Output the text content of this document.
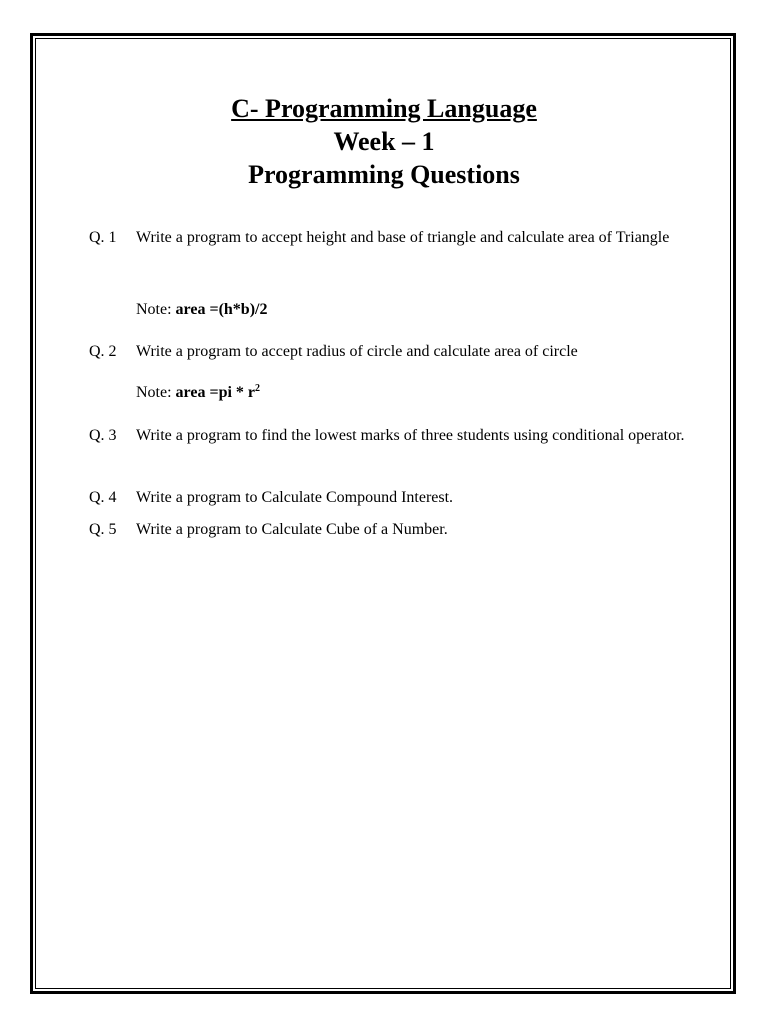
C- Programming Language
Week – 1
Programming Questions
Q. 1 Write a program to accept height and base of triangle and calculate area of Triangle
Note: area =(h*b)/2
Q. 2 Write a program to accept radius of circle and calculate area of circle
Note: area $=pi * r^2$
Q. 3 Write a program to find the lowest marks of three students using conditional operator.
Q. 4 Write a program to Calculate Compound Interest.
Q. 5 Write a program to Calculate Cube of a Number.
